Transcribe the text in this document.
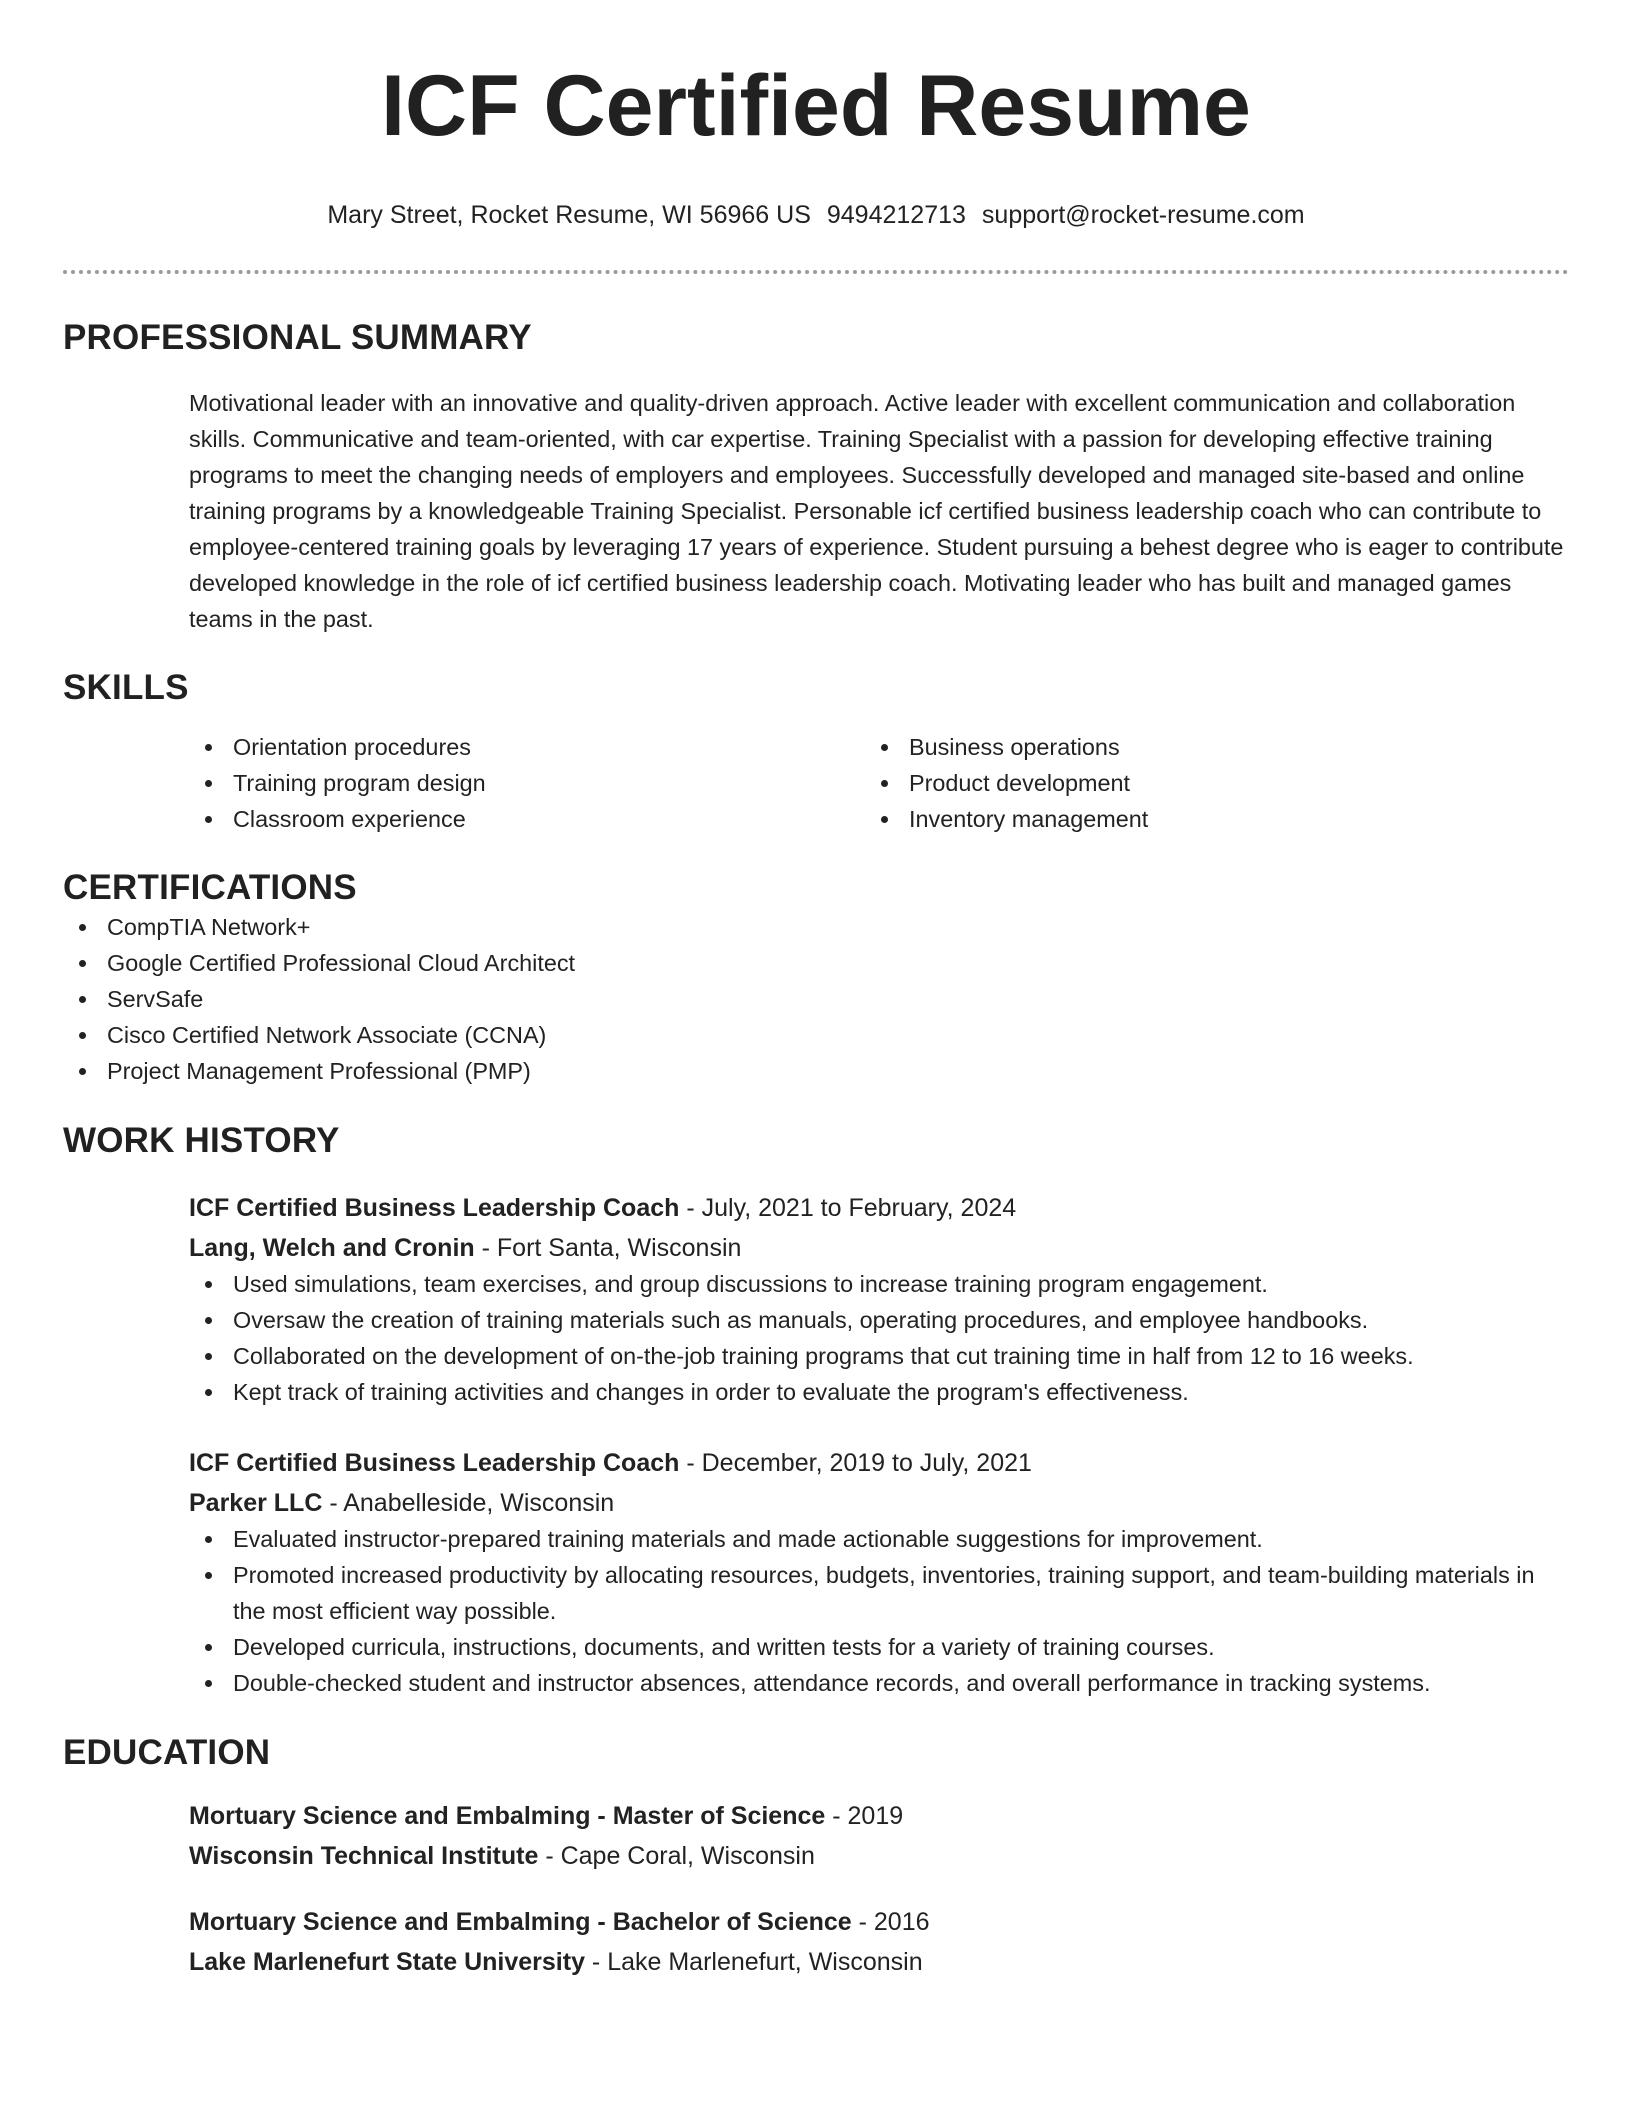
ICF Certified Resume
Mary Street, Rocket Resume, WI 56966 US 9494212713 support@rocket-resume.com
PROFESSIONAL SUMMARY

Motivational leader with an innovative and quality-driven approach. Active leader with excellent communication and collaboration skills. Communicative and team-oriented, with car expertise. Training Specialist with a passion for developing effective training programs to meet the changing needs of employers and employees. Successfully developed and managed site-based and online training programs by a knowledgeable Training Specialist. Personable icf certified business leadership coach who can contribute to employee-centered training goals by leveraging 17 years of experience. Student pursuing a behest degree who is eager to contribute developed knowledge in the role of icf certified business leadership coach. Motivating leader who has built and managed games teams in the past.

SKILLS
Orientation procedures
Training program design
Classroom experience
Business operations
Product development
Inventory management
CERTIFICATIONS
CompTIA Network+
Google Certified Professional Cloud Architect
ServSafe
Cisco Certified Network Associate (CCNA)
Project Management Professional (PMP)
WORK HISTORY
ICF Certified Business Leadership Coach - July, 2021 to February, 2024
Lang, Welch and Cronin - Fort Santa, Wisconsin
Used simulations, team exercises, and group discussions to increase training program engagement.
Oversaw the creation of training materials such as manuals, operating procedures, and employee handbooks.
Collaborated on the development of on-the-job training programs that cut training time in half from 12 to 16 weeks.
Kept track of training activities and changes in order to evaluate the program's effectiveness.
ICF Certified Business Leadership Coach - December, 2019 to July, 2021
Parker LLC - Anabelleside, Wisconsin
Evaluated instructor-prepared training materials and made actionable suggestions for improvement.
Promoted increased productivity by allocating resources, budgets, inventories, training support, and team-building materials in the most efficient way possible.
Developed curricula, instructions, documents, and written tests for a variety of training courses.
Double-checked student and instructor absences, attendance records, and overall performance in tracking systems.
EDUCATION
Mortuary Science and Embalming - Master of Science - 2019
Wisconsin Technical Institute - Cape Coral, Wisconsin
Mortuary Science and Embalming - Bachelor of Science - 2016
Lake Marlenefurt State University - Lake Marlenefurt, Wisconsin
